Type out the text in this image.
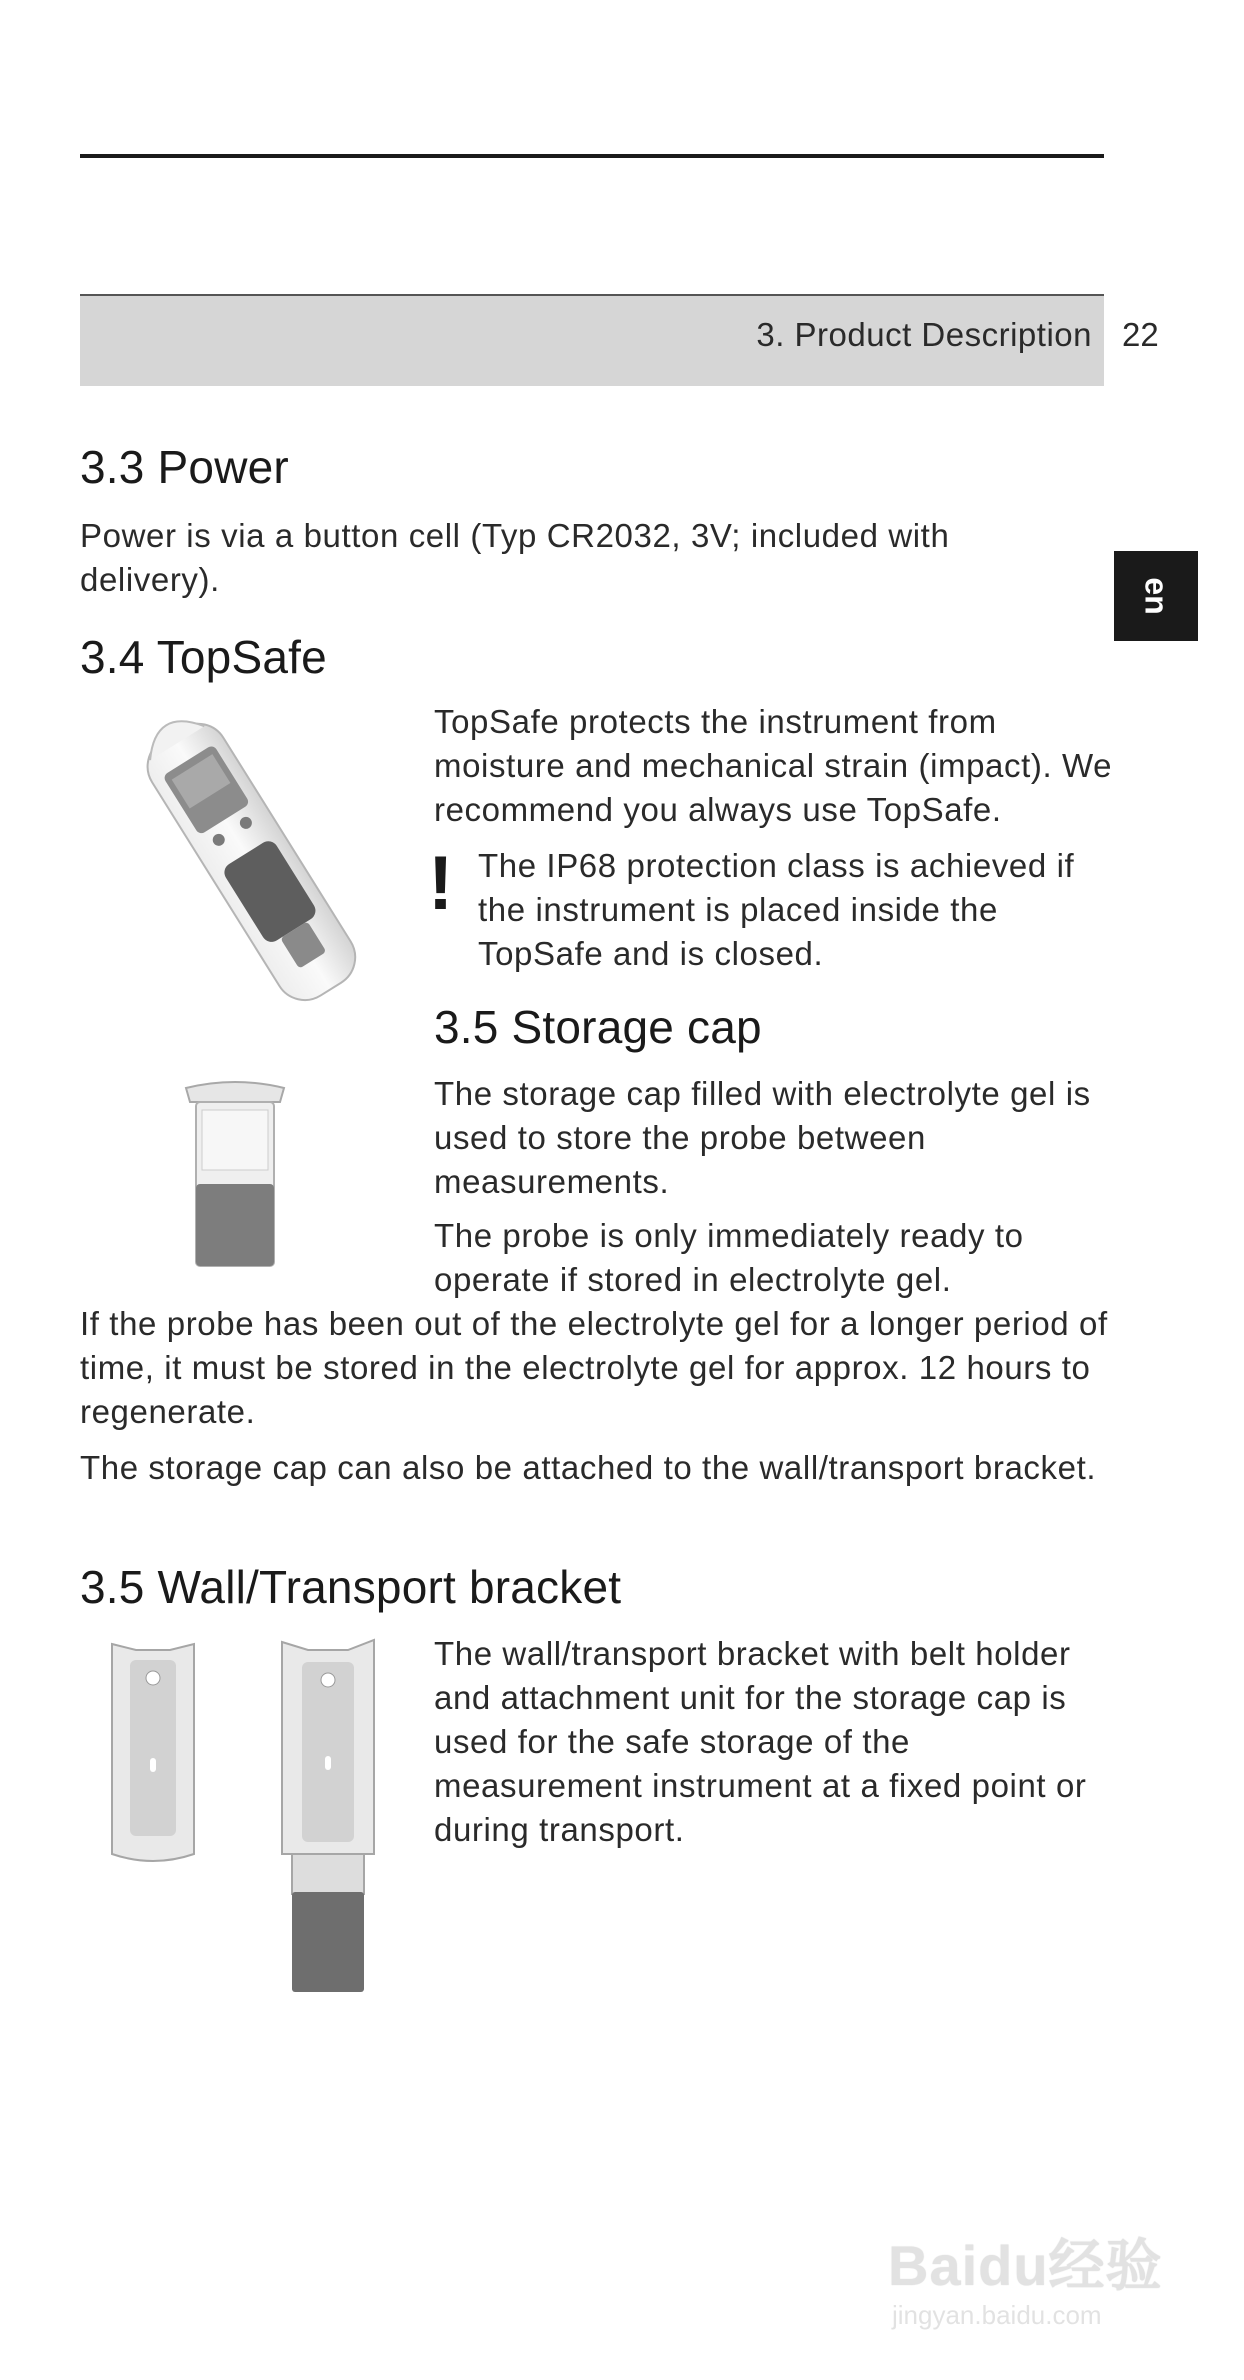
3. Product Description 22
en
3.3 Power

Power is via a button cell (Typ CR2032, 3V; included with delivery).

3.4 TopSafe

TopSafe protects the instrument from moisture and mechanical strain (impact). We recommend you always use TopSafe.

! The IP68 protection class is achieved if the instrument is placed inside the TopSafe and is closed.

3.5 Storage cap

The storage cap filled with electrolyte gel is used to store the probe between measurements.

The probe is only immediately ready to operate if stored in electrolyte gel.

If the probe has been out of the electrolyte gel for a longer period of time, it must be stored in the electrolyte gel for approx. 12 hours to regenerate.

The storage cap can also be attached to the wall/transport bracket.

3.5 Wall/Transport bracket

The wall/transport bracket with belt holder and attachment unit for the storage cap is used for the safe storage of the measurement instrument at a fixed point or during transport.

Baidu经验
jingyan.baidu.com
